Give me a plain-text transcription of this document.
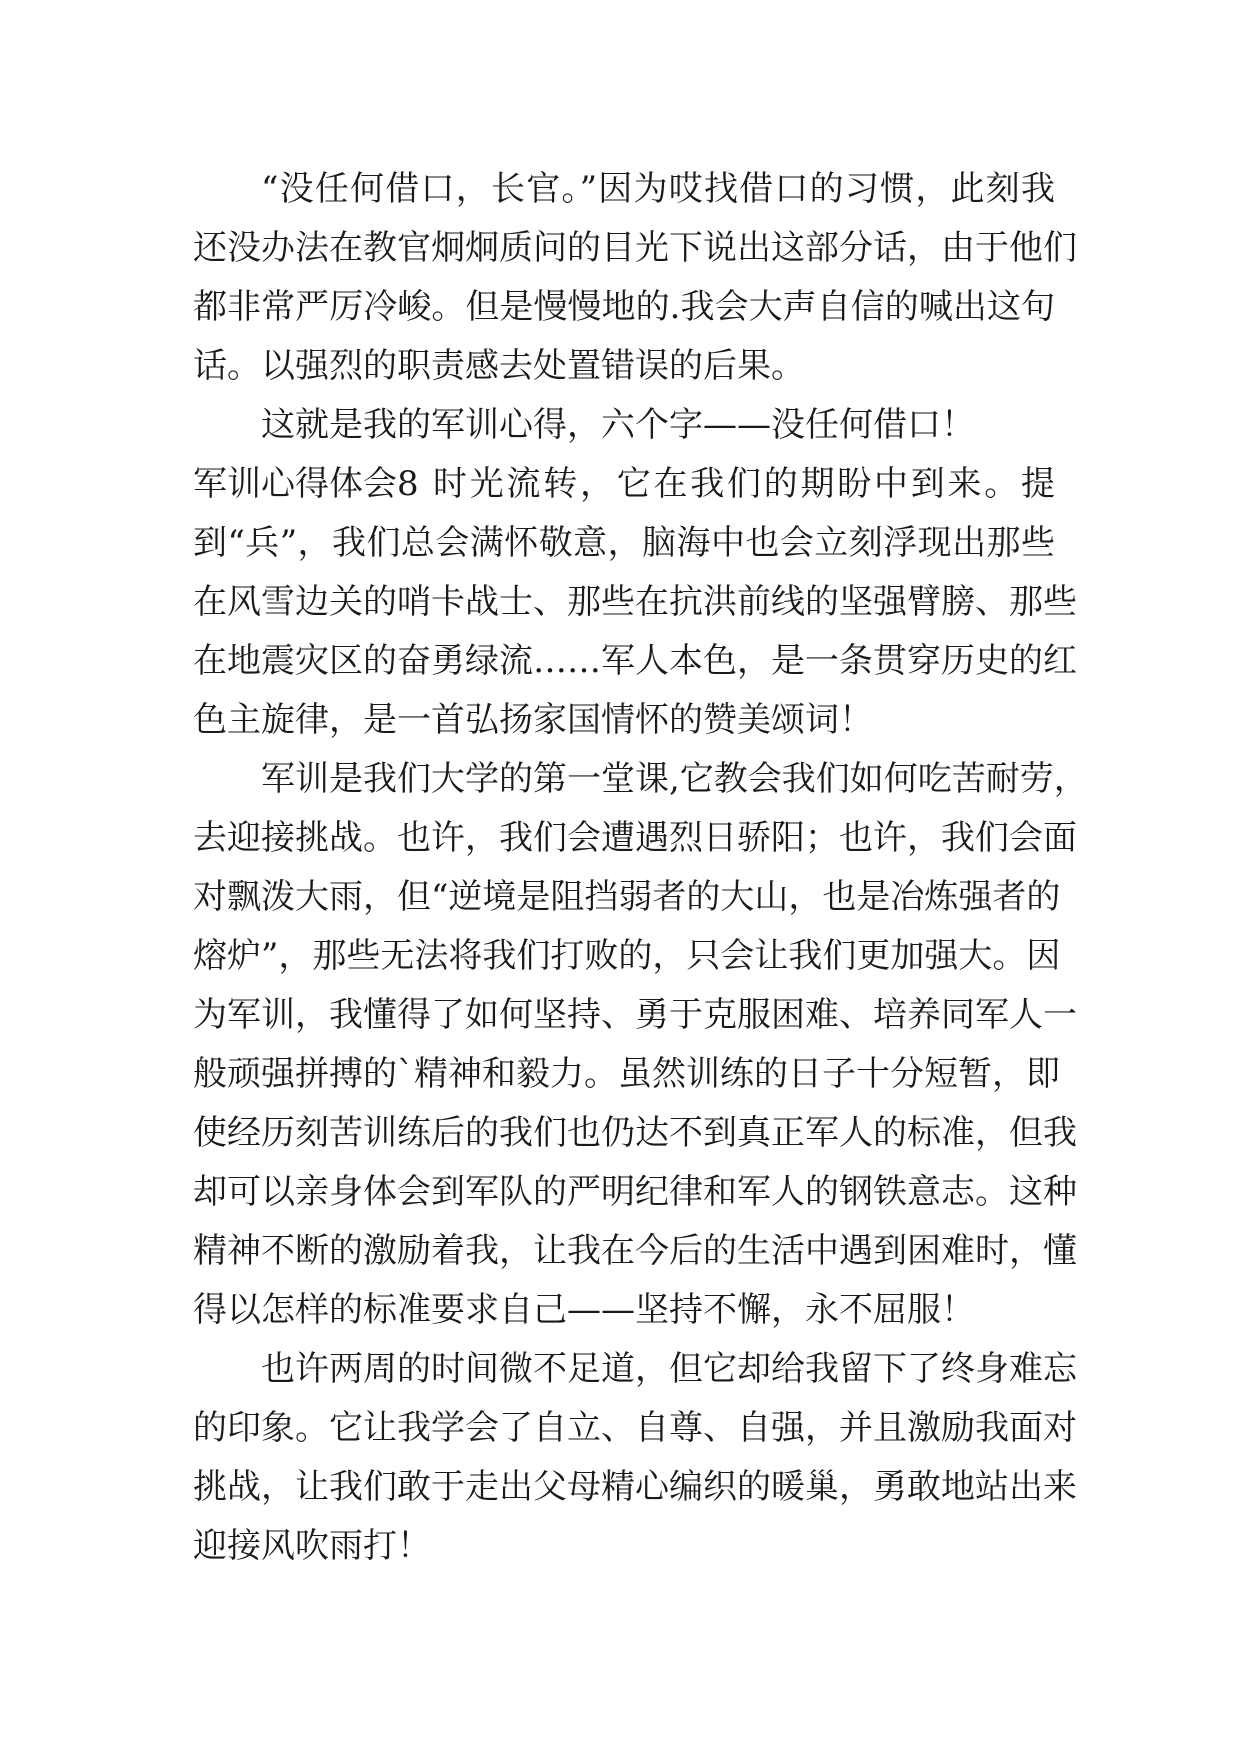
“没任何借口，长官。”因为哎找借口的习惯，此刻我
还没办法在教官炯炯质问的目光下说出这部分话，由于他们
都非常严厉冷峻。但是慢慢地的.我会大声自信的喊出这句
话。以强烈的职责感去处置错误的后果。
这就是我的军训心得，六个字——没任何借口！
军训心得体会8 时光流转，它在我们的期盼中到来。提
到“兵”，我们总会满怀敬意，脑海中也会立刻浮现出那些
在风雪边关的哨卡战士、那些在抗洪前线的坚强臂膀、那些
在地震灾区的奋勇绿流……军人本色，是一条贯穿历史的红
色主旋律，是一首弘扬家国情怀的赞美颂词！
军训是我们大学的第一堂课,它教会我们如何吃苦耐劳，
去迎接挑战。也许，我们会遭遇烈日骄阳；也许，我们会面
对飘泼大雨，但“逆境是阻挡弱者的大山，也是冶炼强者的
熔炉”，那些无法将我们打败的，只会让我们更加强大。因
为军训，我懂得了如何坚持、勇于克服困难、培养同军人一
般顽强拼搏的`精神和毅力。虽然训练的日子十分短暂，即
使经历刻苦训练后的我们也仍达不到真正军人的标准，但我
却可以亲身体会到军队的严明纪律和军人的钢铁意志。这种
精神不断的激励着我，让我在今后的生活中遇到困难时，懂
得以怎样的标准要求自己——坚持不懈，永不屈服！
也许两周的时间微不足道，但它却给我留下了终身难忘
的印象。它让我学会了自立、自尊、自强，并且激励我面对
挑战，让我们敢于走出父母精心编织的暖巢，勇敢地站出来
迎接风吹雨打！
